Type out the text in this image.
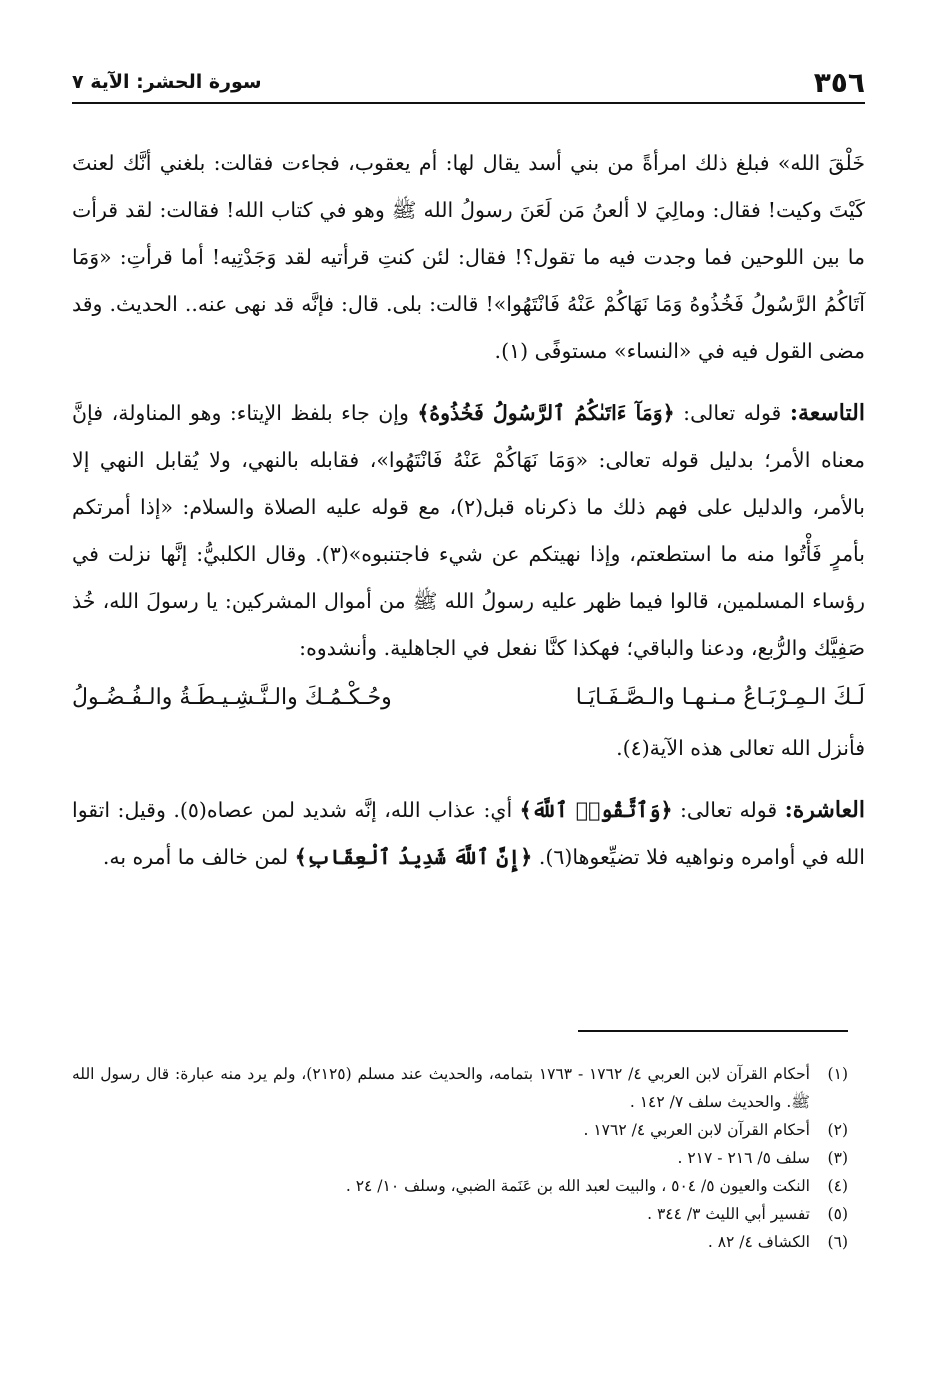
٣٥٦
سورة الحشر: الآية ٧

خَلْقَ الله» فبلغ ذلك امرأةً من بني أسد يقال لها: أم يعقوب، فجاءت فقالت: بلغني أنَّك لعنتَ كَيْتَ وكيت! فقال: ومالِيَ لا ألعنُ مَن لَعَنَ رسولُ الله ﷺ وهو في كتاب الله! فقالت: لقد قرأت ما بين اللوحين فما وجدت فيه ما تقول؟! فقال: لئن كنتِ قرأتيه لقد وَجَدْتِيه! أما قرأتِ: «وَمَا آتَاكُمُ الرَّسُولُ فَخُذُوهُ وَمَا نَهَاكُمْ عَنْهُ فَانْتَهُوا»! قالت: بلى. قال: فإنَّه قد نهى عنه.. الحديث. وقد مضى القول فيه في «النساء» مستوفًى (١).

التاسعة: قوله تعالى: ﴿وَمَآ ءَاتَىٰكُمُ ٱلرَّسُولُ فَخُذُوهُ﴾ وإن جاء بلفظ الإيتاء: وهو المناولة، فإنَّ معناه الأمر؛ بدليل قوله تعالى: «وَمَا نَهَاكُمْ عَنْهُ فَانْتَهُوا»، فقابله بالنهي، ولا يُقابل النهي إلا بالأمر، والدليل على فهم ذلك ما ذكرناه قبل(٢)، مع قوله عليه الصلاة والسلام: «إذا أمرتكم بأمرٍ فَأْتُوا منه ما استطعتم، وإذا نهيتكم عن شيء فاجتنبوه»(٣). وقال الكلبيُّ: إنَّها نزلت في رؤساء المسلمين، قالوا فيما ظهر عليه رسولُ الله ﷺ من أموال المشركين: يا رسولَ الله، خُذ صَفِيَّك والرُّبع، ودعنا والباقي؛ فهكذا كنَّا نفعل في الجاهلية. وأنشدوه:

لَـكَ الـمِـرْبَـاعُ مـنـهـا والـصَّـفَـايَـا
وحُـكْـمُـكَ والـنَّـشِـيـطَـةُ والـفُـضُـولُ

فأنزل الله تعالى هذه الآية(٤).

العاشرة: قوله تعالى: ﴿وَٱتَّقُوا۟ ٱللَّهَ﴾ أي: عذاب الله، إنَّه شديد لمن عصاه(٥). وقيل: اتقوا الله في أوامره ونواهيه فلا تضيِّعوها(٦). ﴿إِنَّ ٱللَّهَ شَدِيدُ ٱلْعِقَابِ﴾ لمن خالف ما أمره به.

(١)
أحكام القرآن لابن العربي ٤/ ١٧٦٢ - ١٧٦٣ بتمامه، والحديث عند مسلم (٢١٢٥)، ولم يرد منه عبارة: قال رسول الله ﷺ. والحديث سلف ٧/ ١٤٢ .

(٢)
أحكام القرآن لابن العربي ٤/ ١٧٦٢ .

(٣)
سلف ٥/ ٢١٦ - ٢١٧ .

(٤)
النكت والعيون ٥/ ٥٠٤ ، والبيت لعبد الله بن عَنَمة الضبي، وسلف ١٠/ ٢٤ .

(٥)
تفسير أبي الليث ٣/ ٣٤٤ .

(٦)
الكشاف ٤/ ٨٢ .
